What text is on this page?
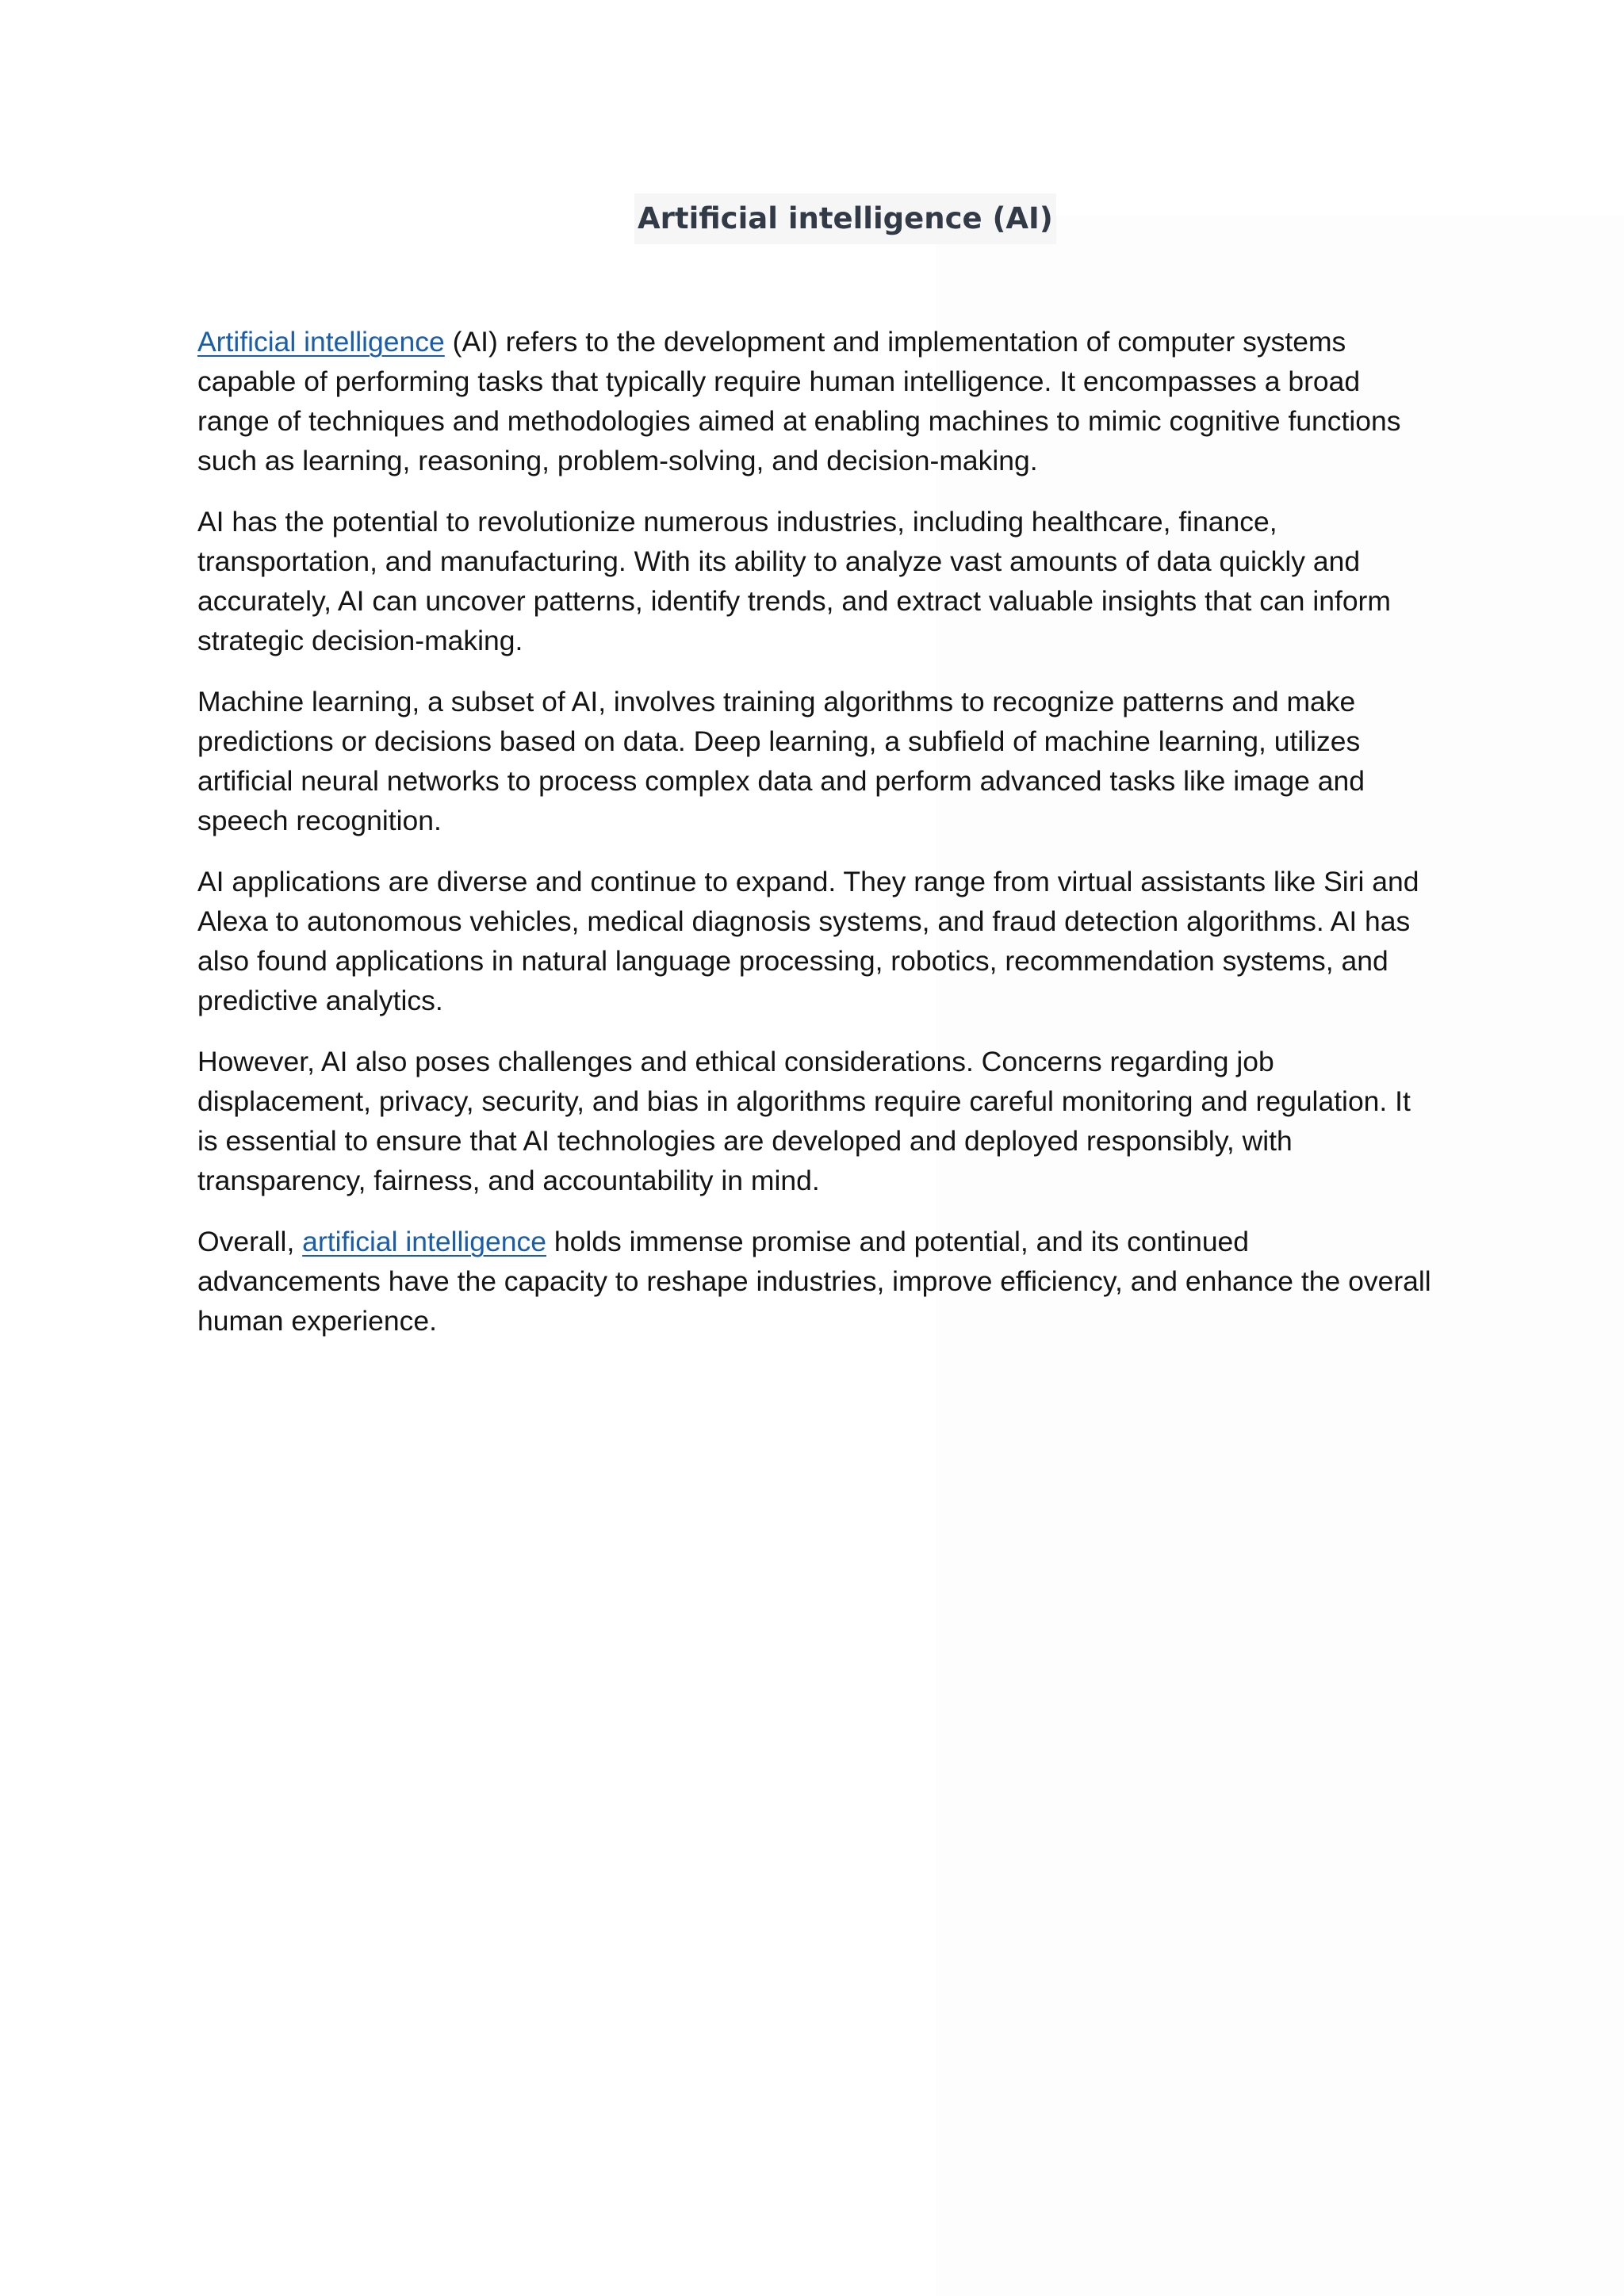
Artificial intelligence (AI)

Artificial intelligence (AI) refers to the development and implementation of computer systems capable of performing tasks that typically require human intelligence. It encompasses a broad range of techniques and methodologies aimed at enabling machines to mimic cognitive functions such as learning, reasoning, problem-solving, and decision-making.

AI has the potential to revolutionize numerous industries, including healthcare, finance, transportation, and manufacturing. With its ability to analyze vast amounts of data quickly and accurately, AI can uncover patterns, identify trends, and extract valuable insights that can inform strategic decision-making.

Machine learning, a subset of AI, involves training algorithms to recognize patterns and make predictions or decisions based on data. Deep learning, a subfield of machine learning, utilizes artificial neural networks to process complex data and perform advanced tasks like image and speech recognition.

AI applications are diverse and continue to expand. They range from virtual assistants like Siri and Alexa to autonomous vehicles, medical diagnosis systems, and fraud detection algorithms. AI has also found applications in natural language processing, robotics, recommendation systems, and predictive analytics.

However, AI also poses challenges and ethical considerations. Concerns regarding job displacement, privacy, security, and bias in algorithms require careful monitoring and regulation. It is essential to ensure that AI technologies are developed and deployed responsibly, with transparency, fairness, and accountability in mind.

Overall, artificial intelligence holds immense promise and potential, and its continued advancements have the capacity to reshape industries, improve efficiency, and enhance the overall human experience.
